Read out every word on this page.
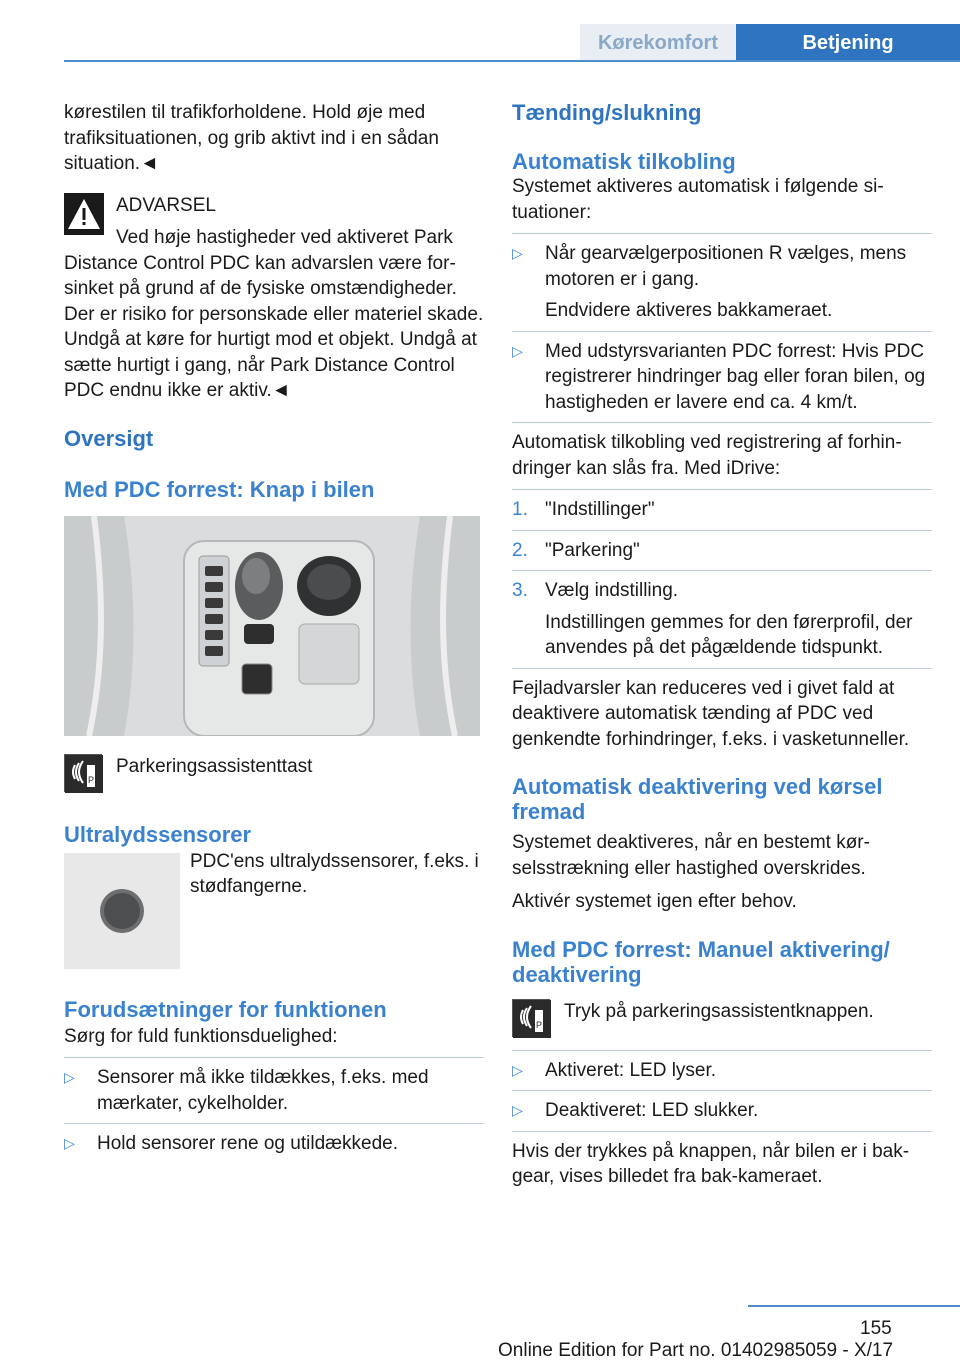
Kørekomfort	Betjening

kørestilen til trafikforholdene. Hold øje med trafiksituationen, og grib aktivt ind i en sådan situation.◄

ADVARSEL
Ved høje hastigheder ved aktiveret Park Distance Control PDC kan advarslen være forsinket på grund af de fysiske omstændigheder. Der er risiko for personskade eller materiel skade. Undgå at køre for hurtigt mod et objekt. Undgå at sætte hurtigt i gang, når Park Distance Control PDC endnu ikke er aktiv.◄
Oversigt
Med PDC forrest: Knap i bilen
P
Parkeringsassistenttast
Ultralydssensorer
PDC'ens ultralydssensorer, f.eks. i stødfangerne.
Forudsætninger for funktionen

Sørg for fuld funktionsduelighed:

▷ Sensorer må ikke tildækkes, f.eks. med mærkater, cykelholder.
▷ Hold sensorer rene og utildækkede.
Tænding/slukning
Automatisk tilkobling

Systemet aktiveres automatisk i følgende situationer:

▷ Når gearvælgerpositionen R vælges, mens motoren er i gang.
Endvidere aktiveres bakkameraet.
▷ Med udstyrsvarianten PDC forrest: Hvis PDC registrerer hindringer bag eller foran bilen, og hastigheden er lavere end ca. 4 km/t.

Automatisk tilkobling ved registrering af forhindringer kan slås fra. Med iDrive:

1. "Indstillinger"
2. "Parkering"
3. Vælg indstilling.
Indstillingen gemmes for den førerprofil, der anvendes på det pågældende tidspunkt.

Fejladvarsler kan reduceres ved i givet fald at deaktivere automatisk tænding af PDC ved genkendte forhindringer, f.eks. i vasketunneller.

Automatisk deaktivering ved kørsel fremad

Systemet deaktiveres, når en bestemt kørselsstrækning eller hastighed overskrides.

Aktivér systemet igen efter behov.

Med PDC forrest: Manuel aktivering/ deaktivering
P
Tryk på parkeringsassistentknappen.
▷ Aktiveret: LED lyser.
▷ Deaktiveret: LED slukker.

Hvis der trykkes på knappen, når bilen er i bakgear, vises billedet fra bak-kameraet.

155
Online Edition for Part no. 01402985059 - X/17
